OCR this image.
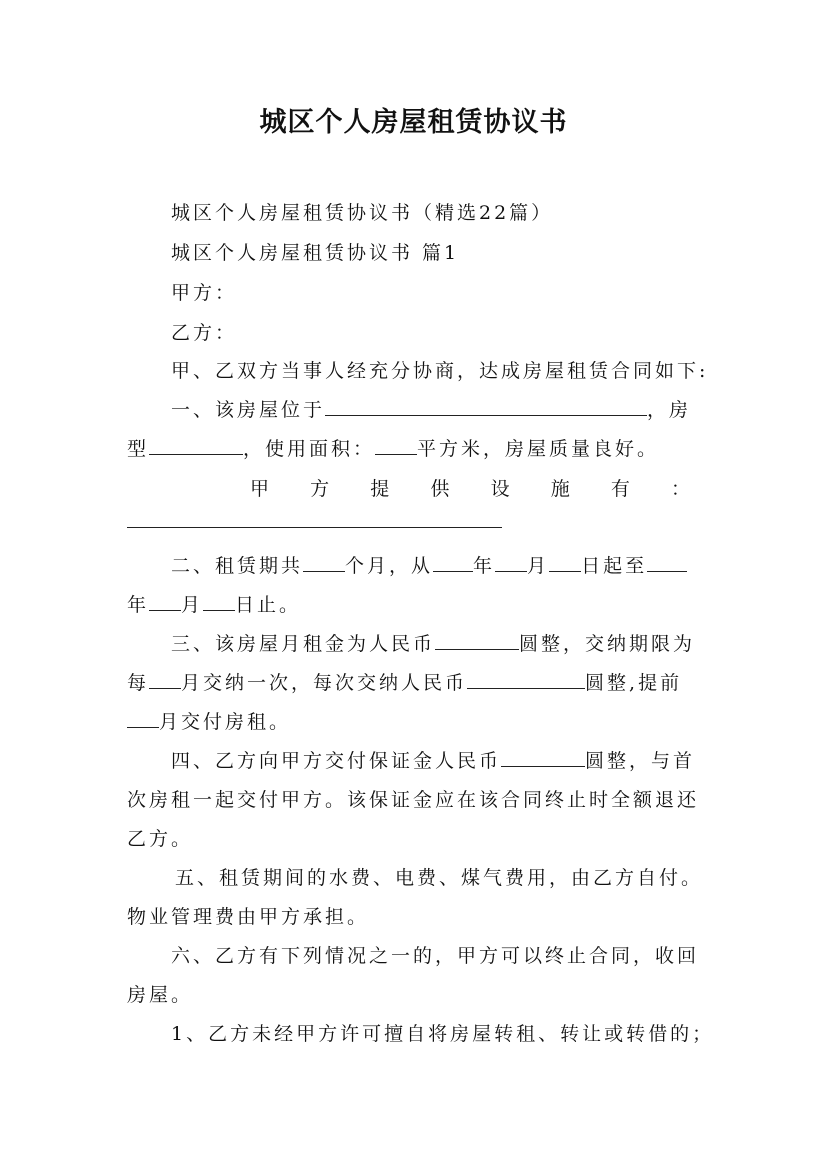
城区个人房屋租赁协议书
城区个人房屋租赁协议书（精选22篇）
城区个人房屋租赁协议书 篇1
甲方：
乙方：
甲、乙双方当事人经充分协商，达成房屋租赁合同如下:
一、该房屋位于	，房
型	，使用面积： 平方米，房屋质量良好。
甲 方 提 供 设 施 有 ：
二、租赁期共 个月，从 年 月 日起至
年 月 日止。
三、该房屋月租金为人民币	圆整，交纳期限为
每 月交纳一次，每次交纳人民币	圆整,提前
月交付房租。
四、乙方向甲方交付保证金人民币	圆整，与首
次房租一起交付甲方。该保证金应在该合同终止时全额退还
乙方。
五、租赁期间的水费、电费、煤气费用，由乙方自付。
物业管理费由甲方承担。
六、乙方有下列情况之一的，甲方可以终止合同，收回
房屋。
1、乙方未经甲方许可擅自将房屋转租、转让或转借的；
